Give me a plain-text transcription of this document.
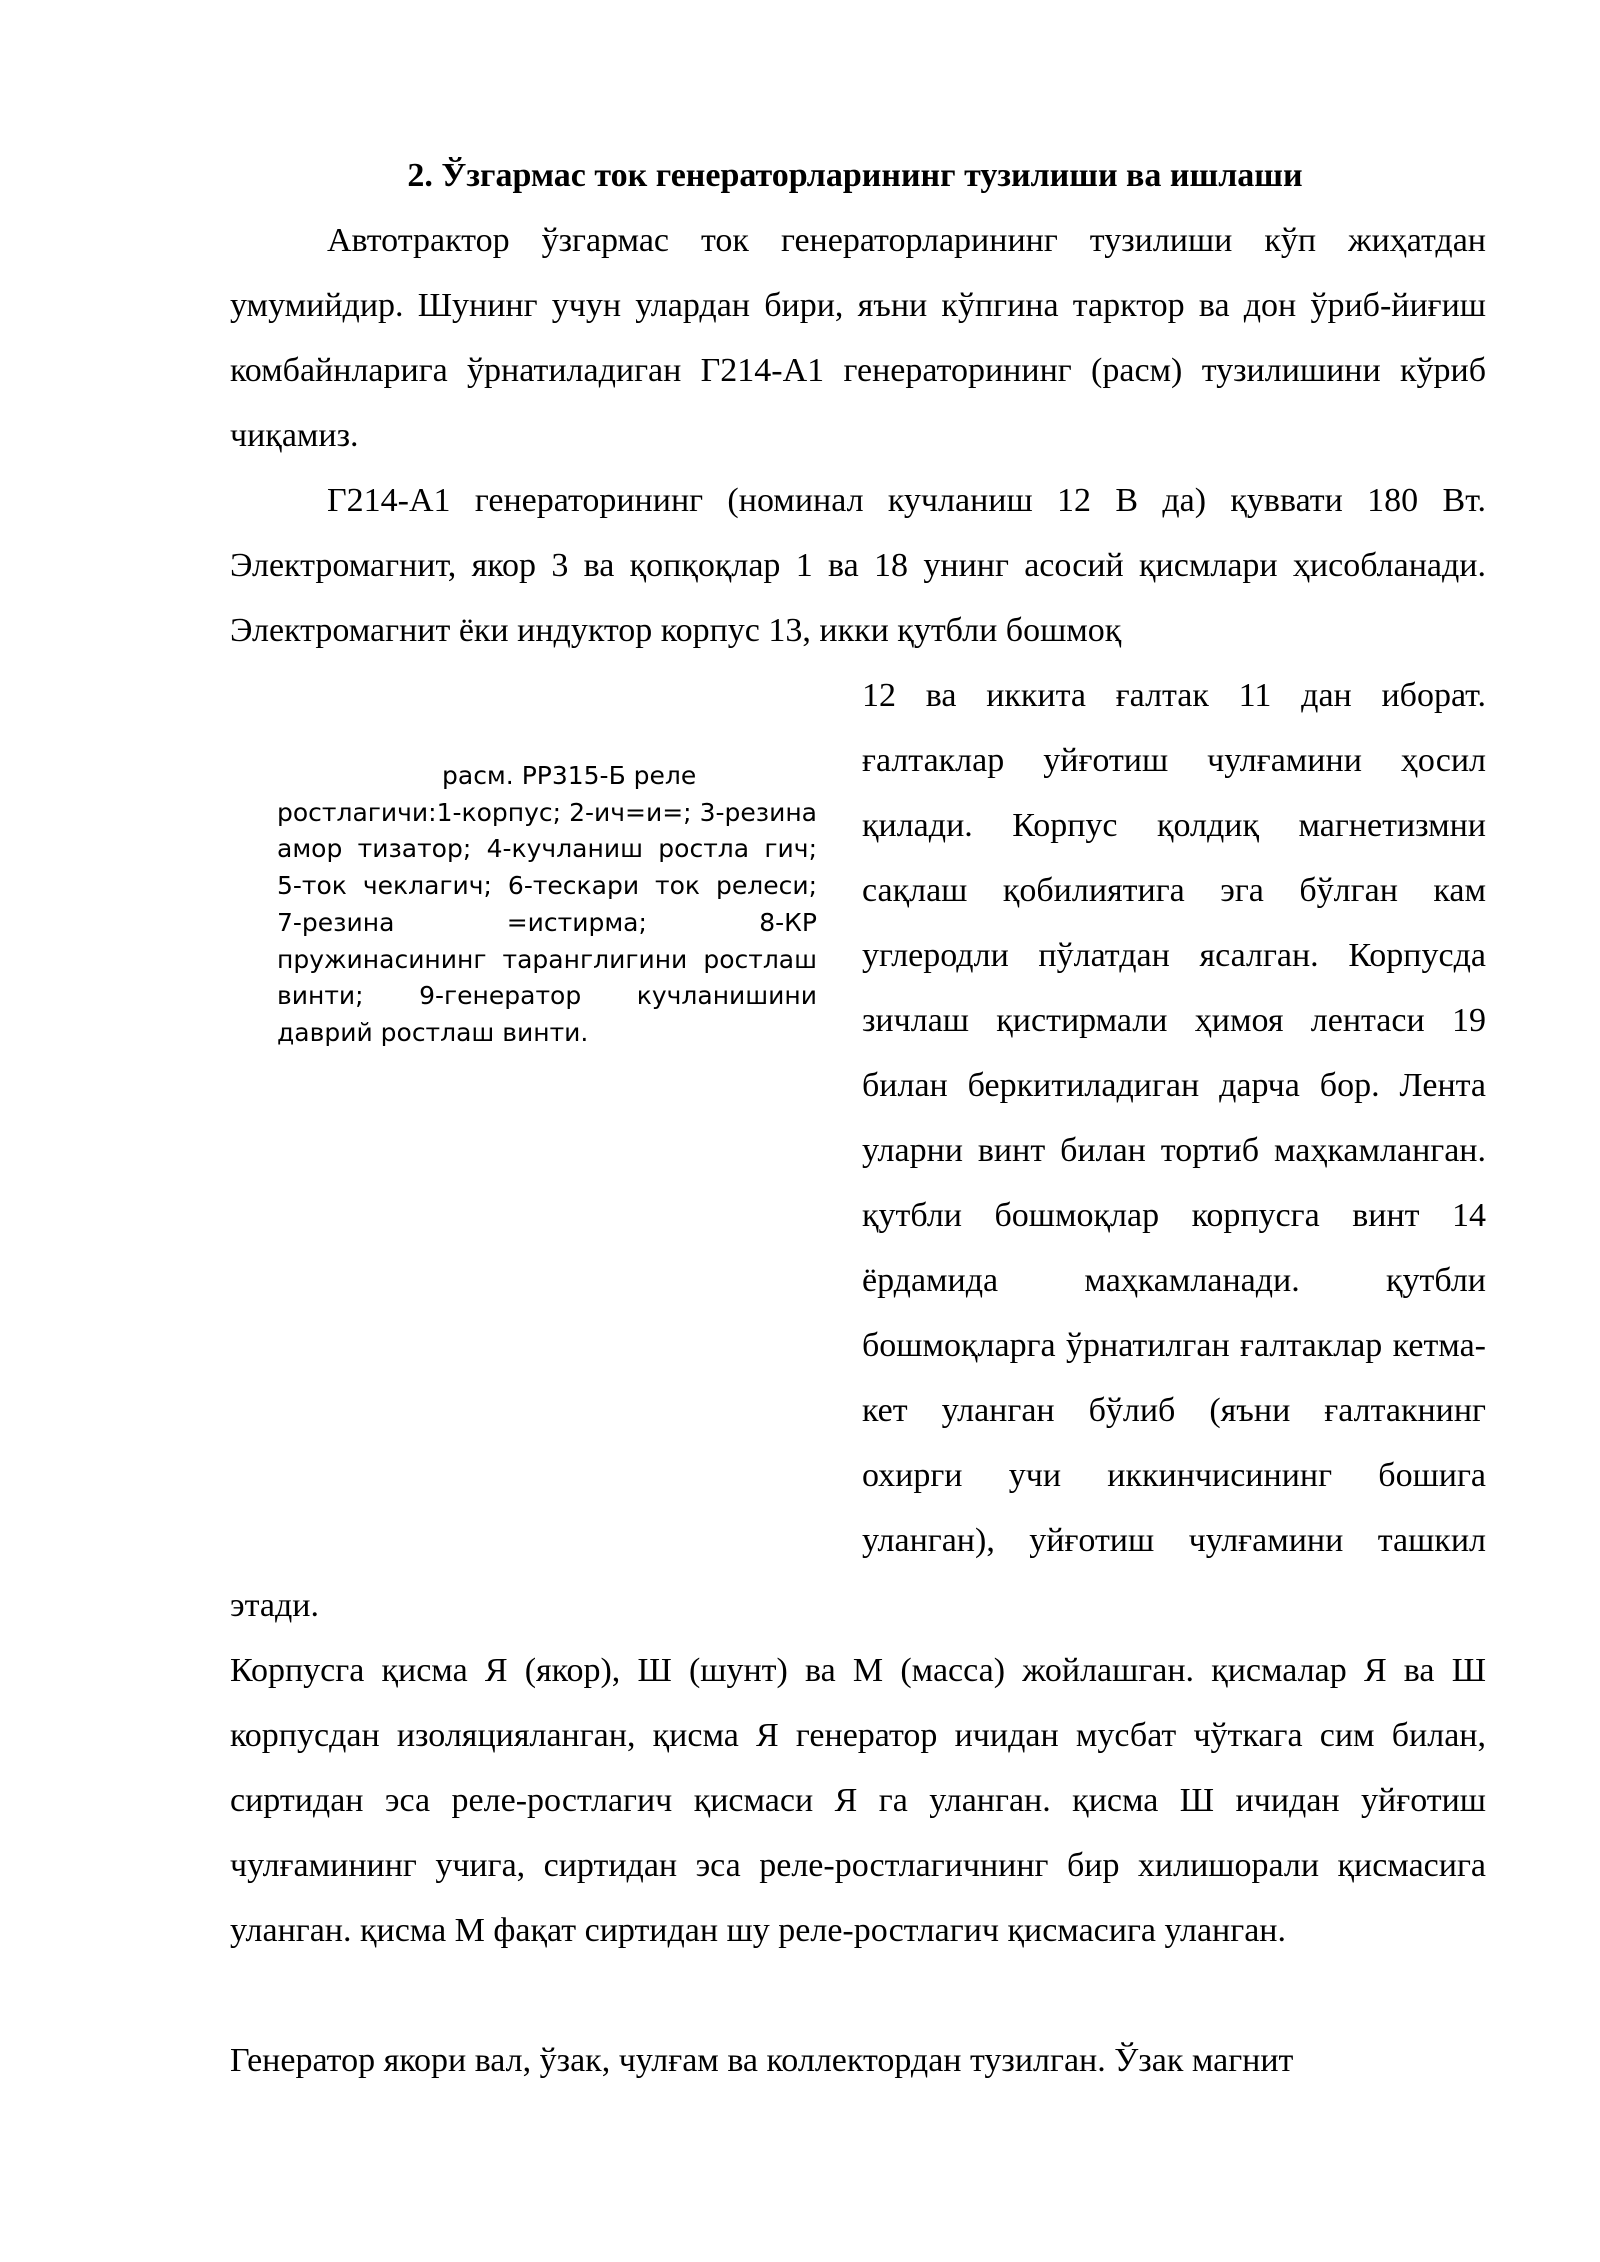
2. Ўзгармас ток генераторларининг тузилиши ва ишлаши

Автотрактор ўзгармас ток генераторларининг тузилиши кўп жиҳатдан умумийдир. Шунинг учун улардан бири, яъни кўпгина тарктор ва дон ўриб-йиғиш комбайнларига ўрнатиладиган Г214-А1 генераторининг (расм) тузилишини кўриб чиқамиз.

Г214-А1 генераторининг (номинал кучланиш 12 В да) қуввати 180 Вт. Электромагнит, якор 3 ва қопқоқлар 1 ва 18 унинг асосий қисмлари ҳисобланади. Электромагнит ёки индуктор корпус 13, икки қутбли бошмоқ

расм. РР315-Б реле
ростлагичи:1-корпус; 2-ич=и=; 3-резина амор тизатор; 4-кучланиш ростла гич; 5-ток чеклагич; 6-тескари ток релеси; 7-резина =истирма; 8-КР пружинасининг таранглигини ростлаш винти; 9-генератор кучланишини даврий ростлаш винти.

12 ва иккита ғалтак 11 дан иборат. ғалтаклар уйғотиш чулғамини ҳосил қилади. Корпус қолдиқ магнетизмни сақлаш қобилиятига эга бўлган кам углеродли пўлатдан ясалган. Корпусда зичлаш қистирмали ҳимоя лентаси 19 билан беркитиладиган дарча бор. Лента уларни винт билан тортиб маҳкамланган. қутбли бошмоқлар корпусга винт 14 ёрдамида маҳкамланади. қутбли бошмоқларга ўрнатилган ғалтаклар кетма-кет уланган бўлиб (яъни ғалтакнинг охирги учи иккинчисининг бошига уланган), уйғотиш чулғамини ташкил этади.

Корпусга қисма Я (якор), Ш (шунт) ва М (масса) жойлашган. қисмалар Я ва Ш корпусдан изоляцияланган, қисма Я генератор ичидан мусбат чўткага сим билан, сиртидан эса реле-ростлагич қисмаси Я га уланган. қисма Ш ичидан уйғотиш чулғамининг учига, сиртидан эса реле-ростлагичнинг бир хилишорали қисмасига уланган. қисма М фақат сиртидан шу реле-ростлагич қисмасига уланган.

Генератор якори вал, ўзак, чулғам ва коллектордан тузилган. Ўзак магнит
